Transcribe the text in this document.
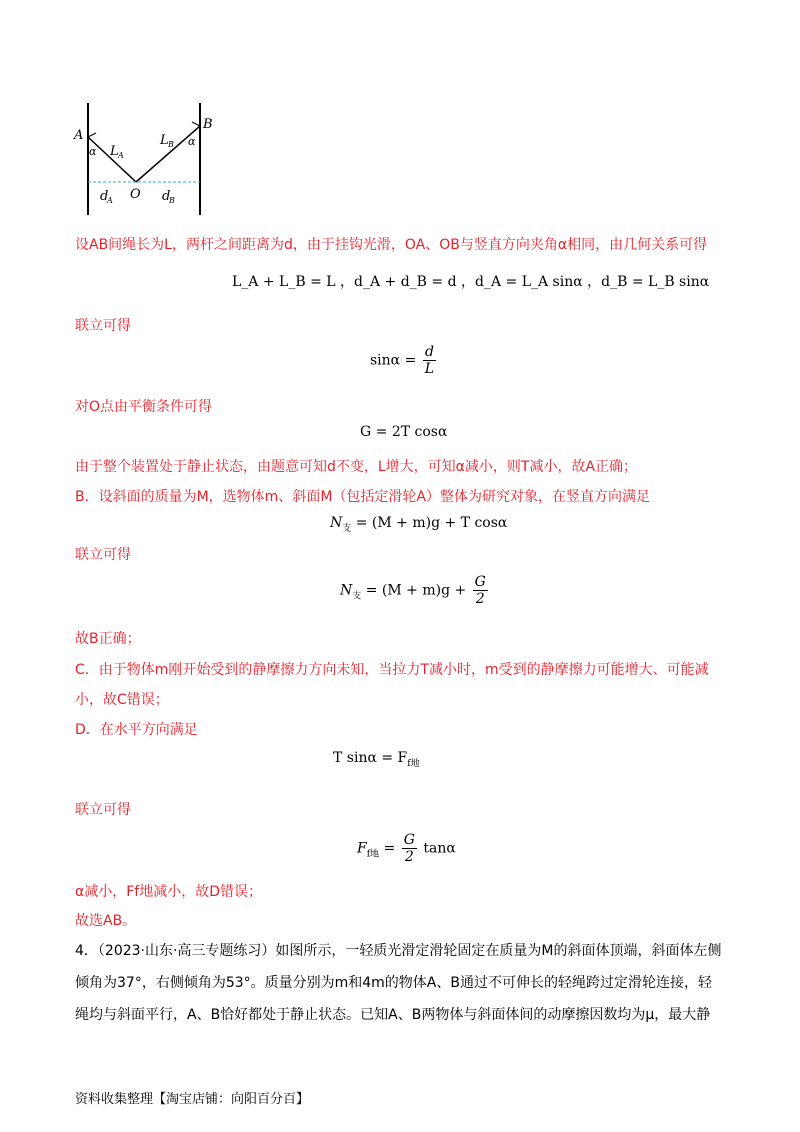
A
B
α
α
L A
L B
O
d
A	d
B
设AB间绳长为L，两杆之间距离为d，由于挂钩光滑，OA、OB与竖直方向夹角α相同，由几何关系可得
L_A + L_B = L ，d_A + d_B = d ，d_A = L_A sinα ，d_B = L_B sinα
联立可得
$\sin\alpha = \frac{d}{L}$
对O点由平衡条件可得
G = 2T cosα
由于整个装置处于静止状态，由题意可知d不变，L增大，可知α减小，则T减小，故A正确；
B．设斜面的质量为M，选物体m、斜面M（包括定滑轮A）整体为研究对象，在竖直方向满足
$N_支 = (M + m)g + T$ cosα
联立可得
$N_支 = (M + m)g + \frac{G}{2}$
故B正确；
C．由于物体m刚开始受到的静摩擦力方向未知，当拉力T减小时，m受到的静摩擦力可能增大、可能减
小，故C错误；
D．在水平方向满足
T $\sin\alpha = F_{f地}$
联立可得
$F_{f地} = \frac{G}{2}$ tanα
α减小，Ff地减小，故D错误；
故选AB。
4．（2023·山东·高三专题练习）如图所示，一轻质光滑定滑轮固定在质量为M的斜面体顶端，斜面体左侧
倾角为37°，右侧倾角为53°。质量分别为m和4m的物体A、B通过不可伸长的轻绳跨过定滑轮连接，轻
绳均与斜面平行，A、B恰好都处于静止状态。已知A、B两物体与斜面体间的动摩擦因数均为μ，最大静
资料收集整理【淘宝店铺：向阳百分百】
